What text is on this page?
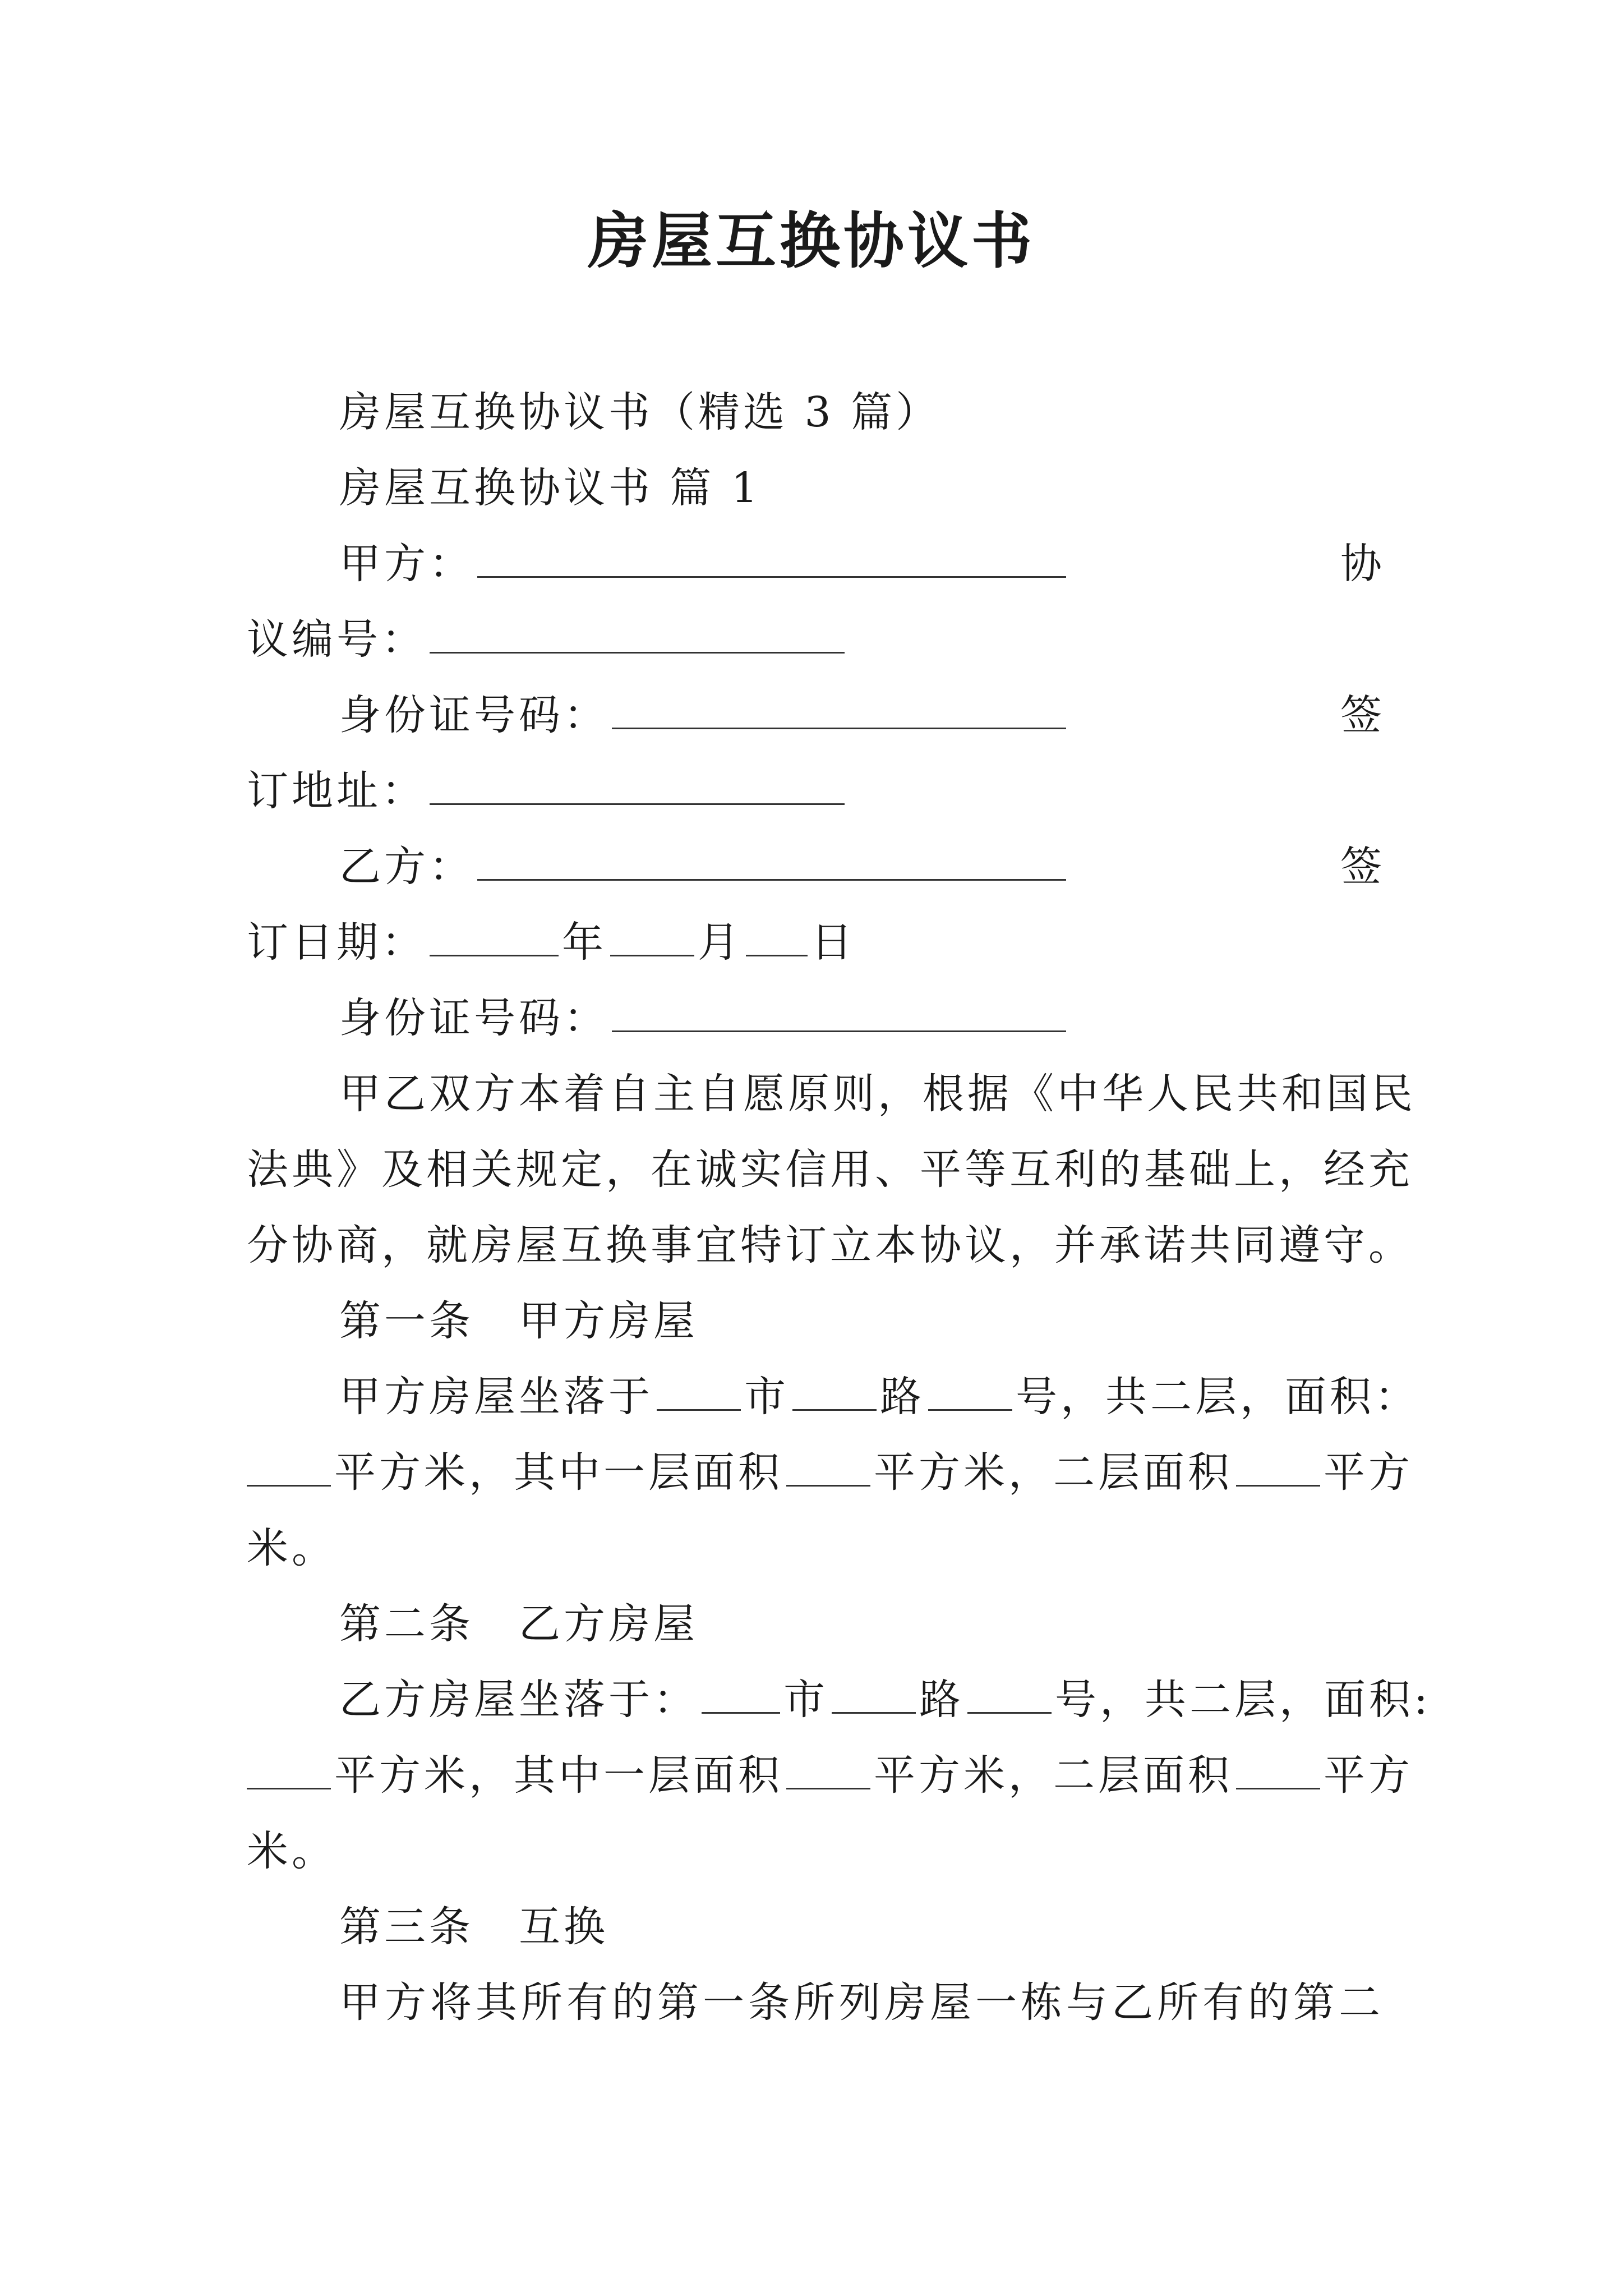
房屋互换协议书
房屋互换协议书（精选 3 篇）
房屋互换协议书 篇 1
甲方：	协
议编号：
身份证号码：	签
订地址：
乙方：	签
订日期：	年 月 日
身份证号码：
甲乙双方本着自主自愿原则，根据《中华人民共和国民
法典》及相关规定，在诚实信用、平等互利的基础上，经充
分协商，就房屋互换事宜特订立本协议，并承诺共同遵守。
第一条　甲方房屋
甲方房屋坐落于 市 路 号，共二层，面积：
平方米，其中一层面积 平方米，二层面积 平方
米。
第二条　乙方房屋
乙方房屋坐落于： 市 路 号，共二层，面积:
平方米，其中一层面积 平方米，二层面积 平方
米。
第三条　互换
甲方将其所有的第一条所列房屋一栋与乙所有的第二
